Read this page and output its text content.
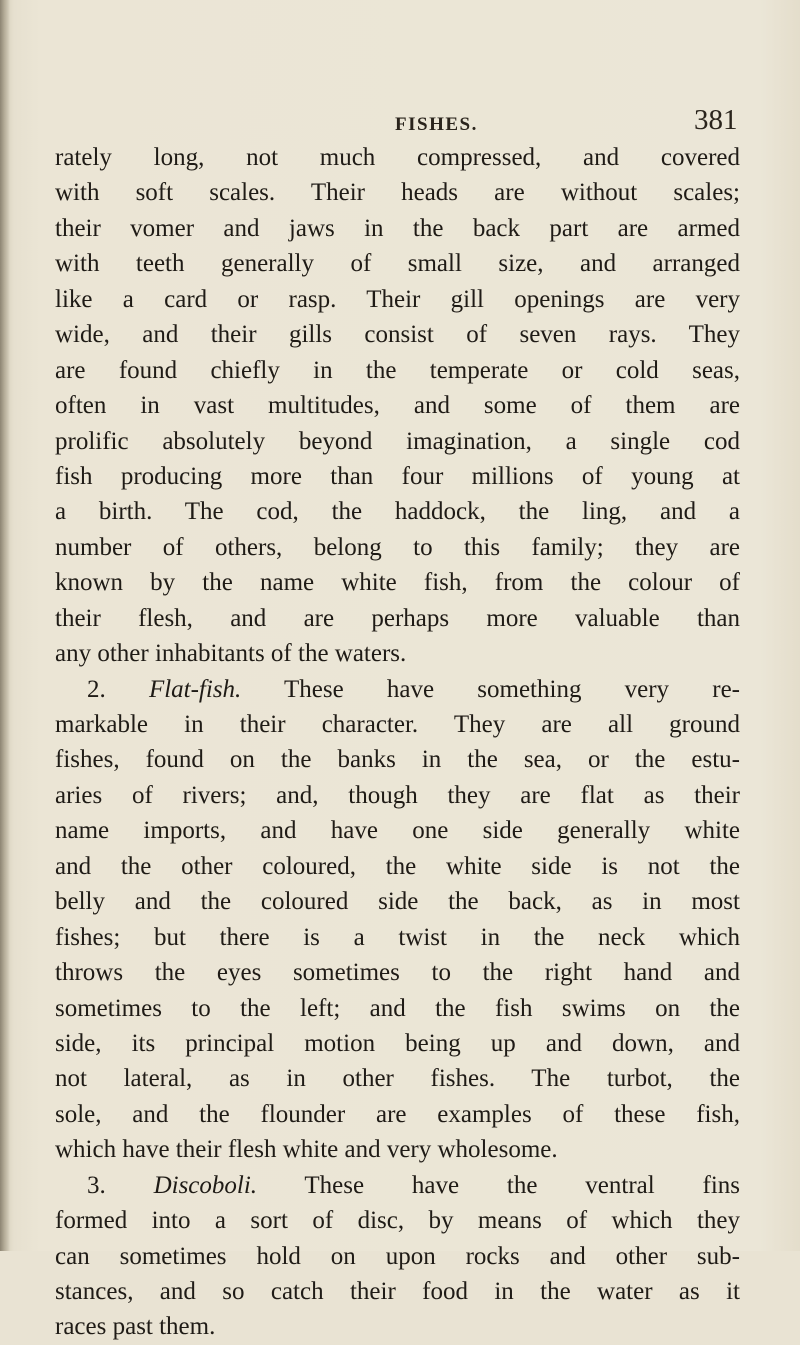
FISHES.	381
rately long, not much compressed, and covered
with soft scales. Their heads are without scales;
their vomer and jaws in the back part are armed
with teeth generally of small size, and arranged
like a card or rasp. Their gill openings are very
wide, and their gills consist of seven rays. They
are found chiefly in the temperate or cold seas,
often in vast multitudes, and some of them are
prolific absolutely beyond imagination, a single cod
fish producing more than four millions of young at
a birth. The cod, the haddock, the ling, and a
number of others, belong to this family; they are
known by the name white fish, from the colour of
their flesh, and are perhaps more valuable than
any other inhabitants of the waters.
2. Flat-fish. These have something very re-
markable in their character. They are all ground
fishes, found on the banks in the sea, or the estu-
aries of rivers; and, though they are flat as their
name imports, and have one side generally white
and the other coloured, the white side is not the
belly and the coloured side the back, as in most
fishes; but there is a twist in the neck which
throws the eyes sometimes to the right hand and
sometimes to the left; and the fish swims on the
side, its principal motion being up and down, and
not lateral, as in other fishes. The turbot, the
sole, and the flounder are examples of these fish,
which have their flesh white and very wholesome.
3. Discoboli. These have the ventral fins
formed into a sort of disc, by means of which they
can sometimes hold on upon rocks and other sub-
stances, and so catch their food in the water as it
races past them.
